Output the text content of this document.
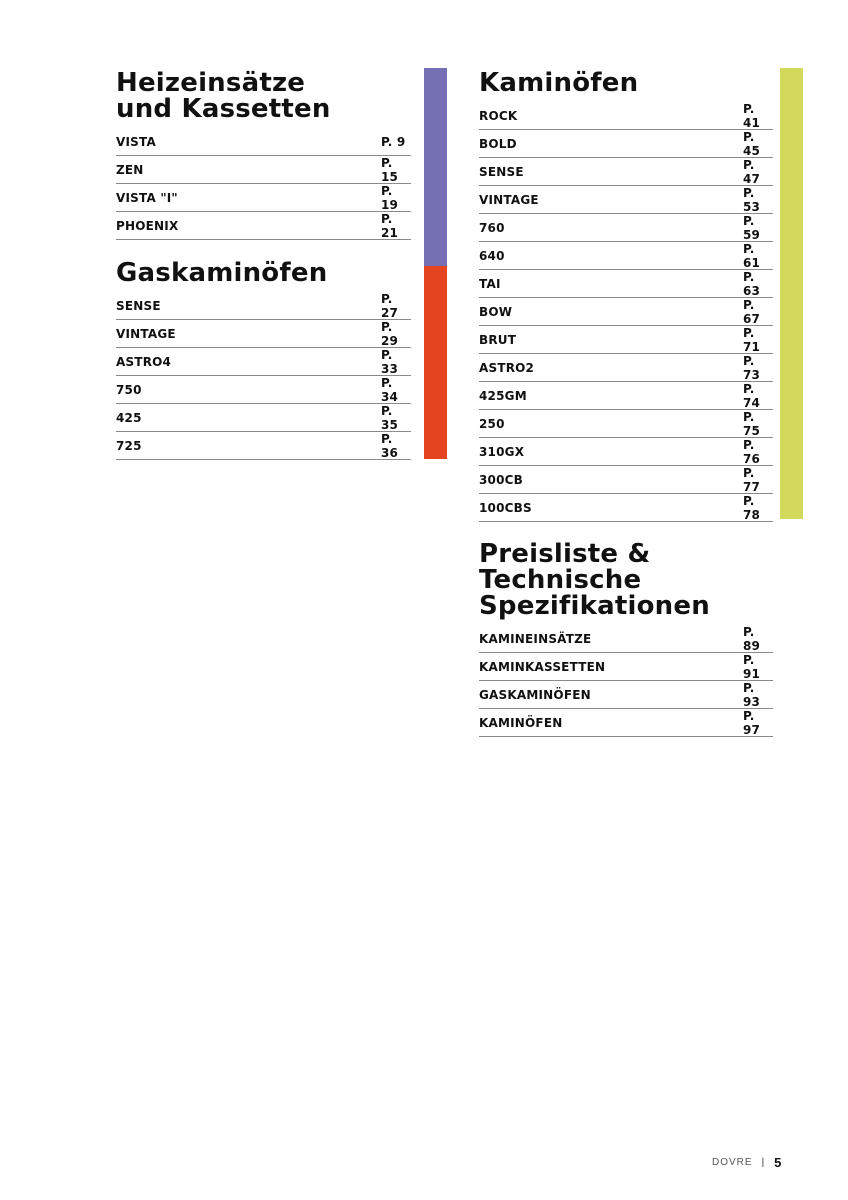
Heizeinsätze und Kassetten
VISTA	P. 9
ZEN	P. 15
VISTA "I"	P. 19
PHOENIX	P. 21
Gaskaminöfen
SENSE	P. 27
VINTAGE	P. 29
ASTRO4	P. 33
750	P. 34
425	P. 35
725	P. 36
Kaminöfen
ROCK	P. 41
BOLD	P. 45
SENSE	P. 47
VINTAGE	P. 53
760	P. 59
640	P. 61
TAI	P. 63
BOW	P. 67
BRUT	P. 71
ASTRO2	P. 73
425GM	P. 74
250	P. 75
310GX	P. 76
300CB	P. 77
100CBS	P. 78
Preisliste & Technische Spezifikationen
KAMINEINSÄTZE	P. 89
KAMINKASSETTEN	P. 91
GASKAMINÖFEN	P. 93
KAMINÖFEN	P. 97
DOVRE | 5
